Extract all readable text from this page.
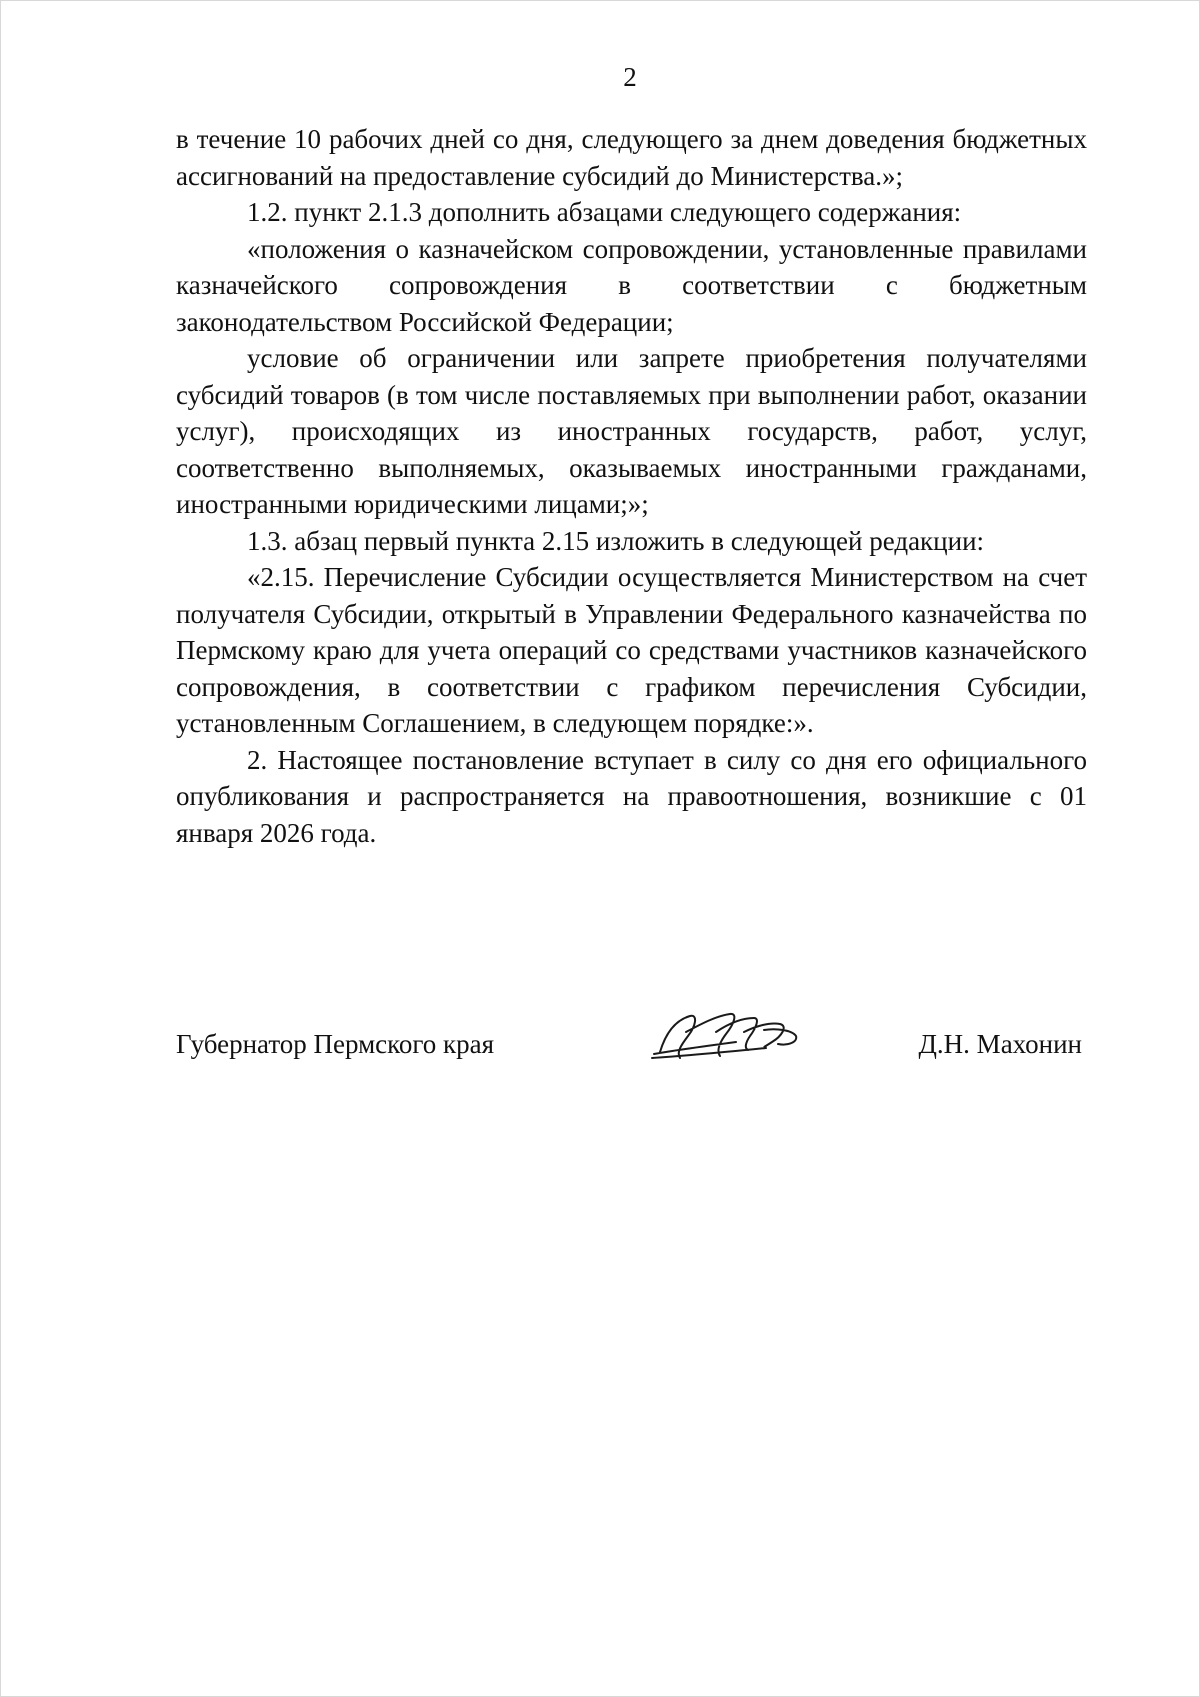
2

в течение 10 рабочих дней со дня, следующего за днем доведения бюджетных ассигнований на предоставление субсидий до Министерства.»;

1.2. пункт 2.1.3 дополнить абзацами следующего содержания:

«положения о казначейском сопровождении, установленные правилами казначейского сопровождения в соответствии с бюджетным законодательством Российской Федерации;

условие об ограничении или запрете приобретения получателями субсидий товаров (в том числе поставляемых при выполнении работ, оказании услуг), происходящих из иностранных государств, работ, услуг, соответственно выполняемых, оказываемых иностранными гражданами, иностранными юридическими лицами;»;

1.3. абзац первый пункта 2.15 изложить в следующей редакции:

«2.15. Перечисление Субсидии осуществляется Министерством на счет получателя Субсидии, открытый в Управлении Федерального казначейства по Пермскому краю для учета операций со средствами участников казначейского сопровождения, в соответствии с графиком перечисления Субсидии, установленным Соглашением, в следующем порядке:».

2. Настоящее постановление вступает в силу со дня его официального опубликования и распространяется на правоотношения, возникшие с 01 января 2026 года.

Губернатор Пермского края	Д.Н. Махонин
